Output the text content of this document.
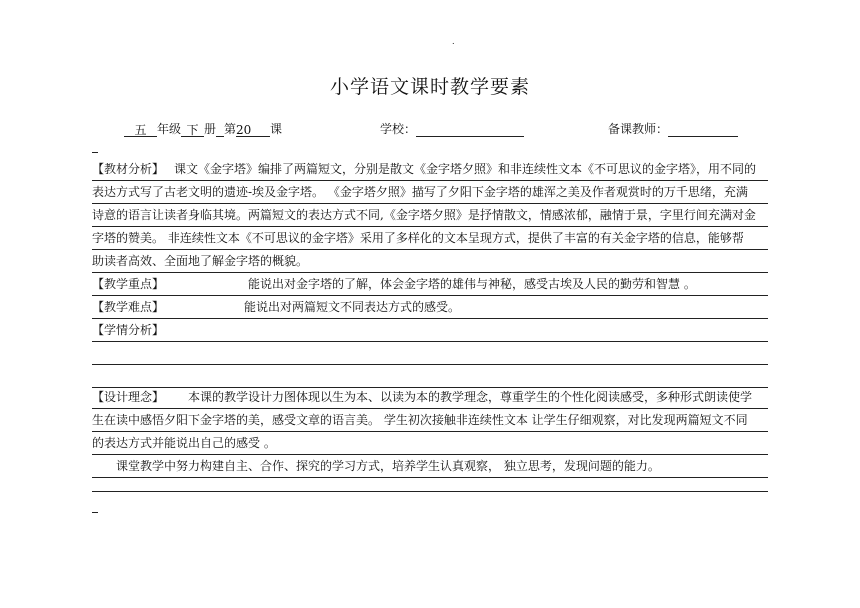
.
小学语文课时教学要素
五 年级 下 册 第20 课	学校：	备课教师：
【教材分析】 课文《金字塔》编排了两篇短文，分别是散文《金字塔夕照》和非连续性文本《不可思议的金字塔》，用不同的
表达方式写了古老文明的遗迹-埃及金字塔。 《金字塔夕照》描写了夕阳下金字塔的雄浑之美及作者观赏时的万千思绪，充满
诗意的语言让读者身临其境。两篇短文的表达方式不同,《金字塔夕照》是抒情散文，情感浓郁，融情于景，字里行间充满对金
字塔的赞美。 非连续性文本《不可思议的金字塔》采用了多样化的文本呈现方式，提供了丰富的有关金字塔的信息，能够帮
助读者高效、全面地了解金字塔的概貌。
【教学重点】	能说出对金字塔的了解，体会金字塔的雄伟与神秘，感受古埃及人民的勤劳和智慧 。
【教学难点】	能说出对两篇短文不同表达方式的感受。
【学情分析】
【设计理念】 本课的教学设计力图体现以生为本、以读为本的教学理念，尊重学生的个性化阅读感受，多种形式朗读使学
生在读中感悟夕阳下金字塔的美，感受文章的语言美。 学生初次接触非连续性文本 让学生仔细观察，对比发现两篇短文不同
的表达方式并能说出自己的感受 。
课堂教学中努力构建自主、合作、探究的学习方式，培养学生认真观察， 独立思考，发现问题的能力。
